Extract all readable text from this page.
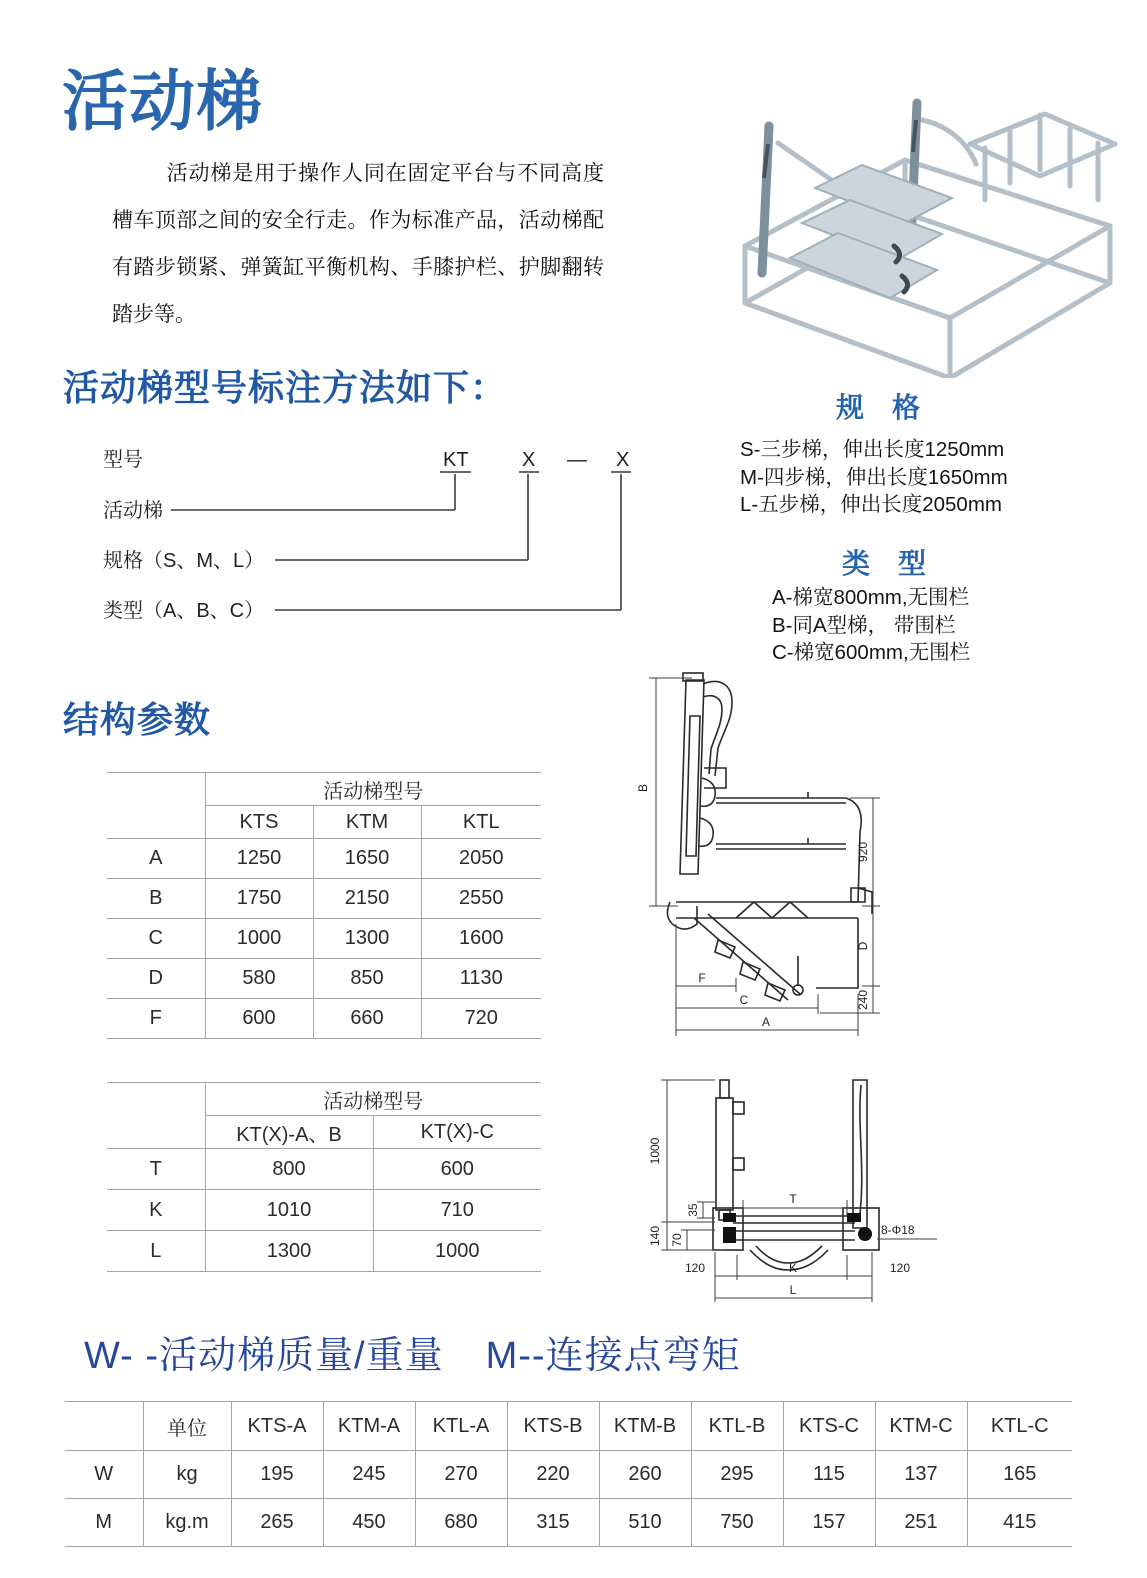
活动梯
活动梯是用于操作人同在固定平台与不同高度槽车顶部之间的安全行走。作为标准产品，活动梯配有踏步锁紧、弹簧缸平衡机构、手膝护栏、护脚翻转踏步等。
活动梯型号标注方法如下：
型号	KT	X — X
活动梯
规格（S、M、L）
类型（A、B、C）
规　格
S-三步梯，伸出长度1250mm
M-四步梯，伸出长度1650mm
L-五步梯，伸出长度2050mm
类　型
A-梯宽800mm,无围栏
B-同A型梯， 带围栏
C-梯宽600mm,无围栏
结构参数
	活动梯型号		
	KTS	KTM	KTL
A	1250	1650	2050
B	1750	2150	2550
C	1000	1300	1600
D	580	850	1130
F	600	660	720
	活动梯型号	
	KT(X)-A、B	KT(X)-C
T	800	600
K	1010	710
L	1300	1000
B
920
D
240
F
C
A
1000
35
140 70
T
K
L
120	120
8-Φ18
W- -活动梯质量/重量 M--连接点弯矩
	单位	KTS-A	KTM-A	KTL-A	KTS-B	KTM-B	KTL-B	KTS-C	KTM-C	KTL-C
W	kg	195	245	270	220	260	295	115	137	165
M	kg.m	265	450	680	315	510	750	157	251	415
